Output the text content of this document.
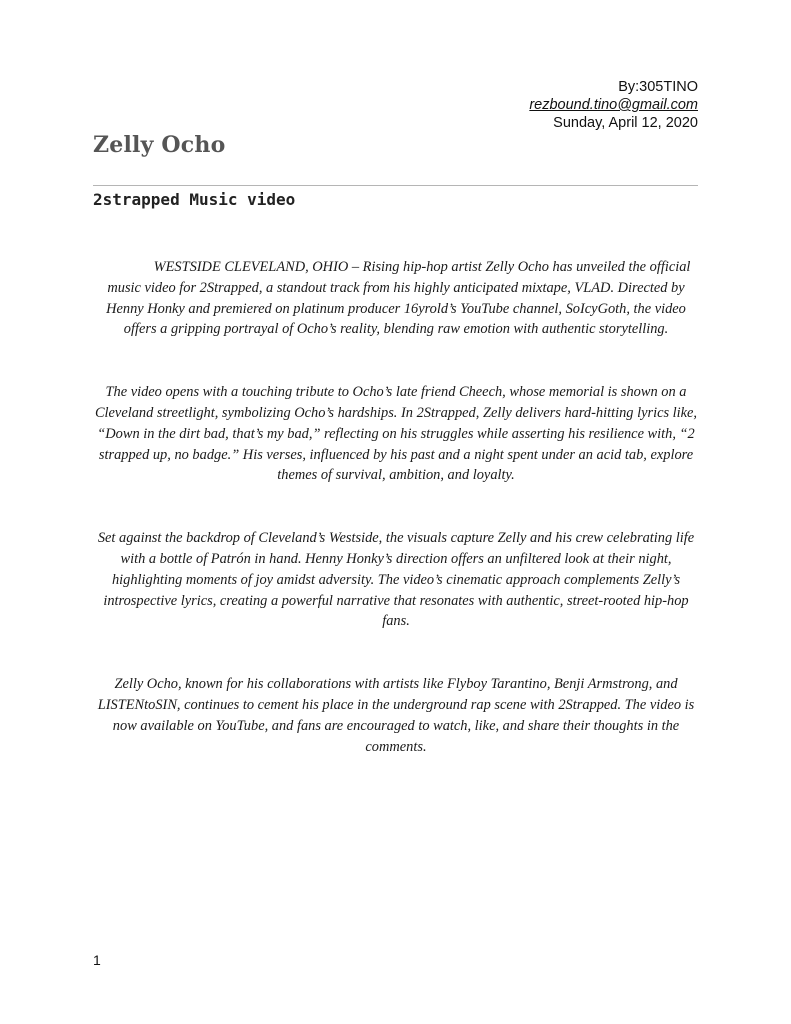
By:305TINO
rezbound.tino@gmail.com
Sunday, April 12, 2020
Zelly Ocho
2strapped Music video

WESTSIDE CLEVELAND, OHIO – Rising hip-hop artist Zelly Ocho has unveiled the official music video for 2Strapped, a standout track from his highly anticipated mixtape, VLAD. Directed by Henny Honky and premiered on platinum producer 16yrold’s YouTube channel, SoIcyGoth, the video offers a gripping portrayal of Ocho’s reality, blending raw emotion with authentic storytelling.

The video opens with a touching tribute to Ocho’s late friend Cheech, whose memorial is shown on a Cleveland streetlight, symbolizing Ocho’s hardships. In 2Strapped, Zelly delivers hard-hitting lyrics like, “Down in the dirt bad, that’s my bad,” reflecting on his struggles while asserting his resilience with, “2 strapped up, no badge.” His verses, influenced by his past and a night spent under an acid tab, explore themes of survival, ambition, and loyalty.

Set against the backdrop of Cleveland’s Westside, the visuals capture Zelly and his crew celebrating life with a bottle of Patrón in hand. Henny Honky’s direction offers an unfiltered look at their night, highlighting moments of joy amidst adversity. The video’s cinematic approach complements Zelly’s introspective lyrics, creating a powerful narrative that resonates with authentic, street-rooted hip-hop fans.

Zelly Ocho, known for his collaborations with artists like Flyboy Tarantino, Benji Armstrong, and LISTENtoSIN, continues to cement his place in the underground rap scene with 2Strapped. The video is now available on YouTube, and fans are encouraged to watch, like, and share their thoughts in the comments.

1
